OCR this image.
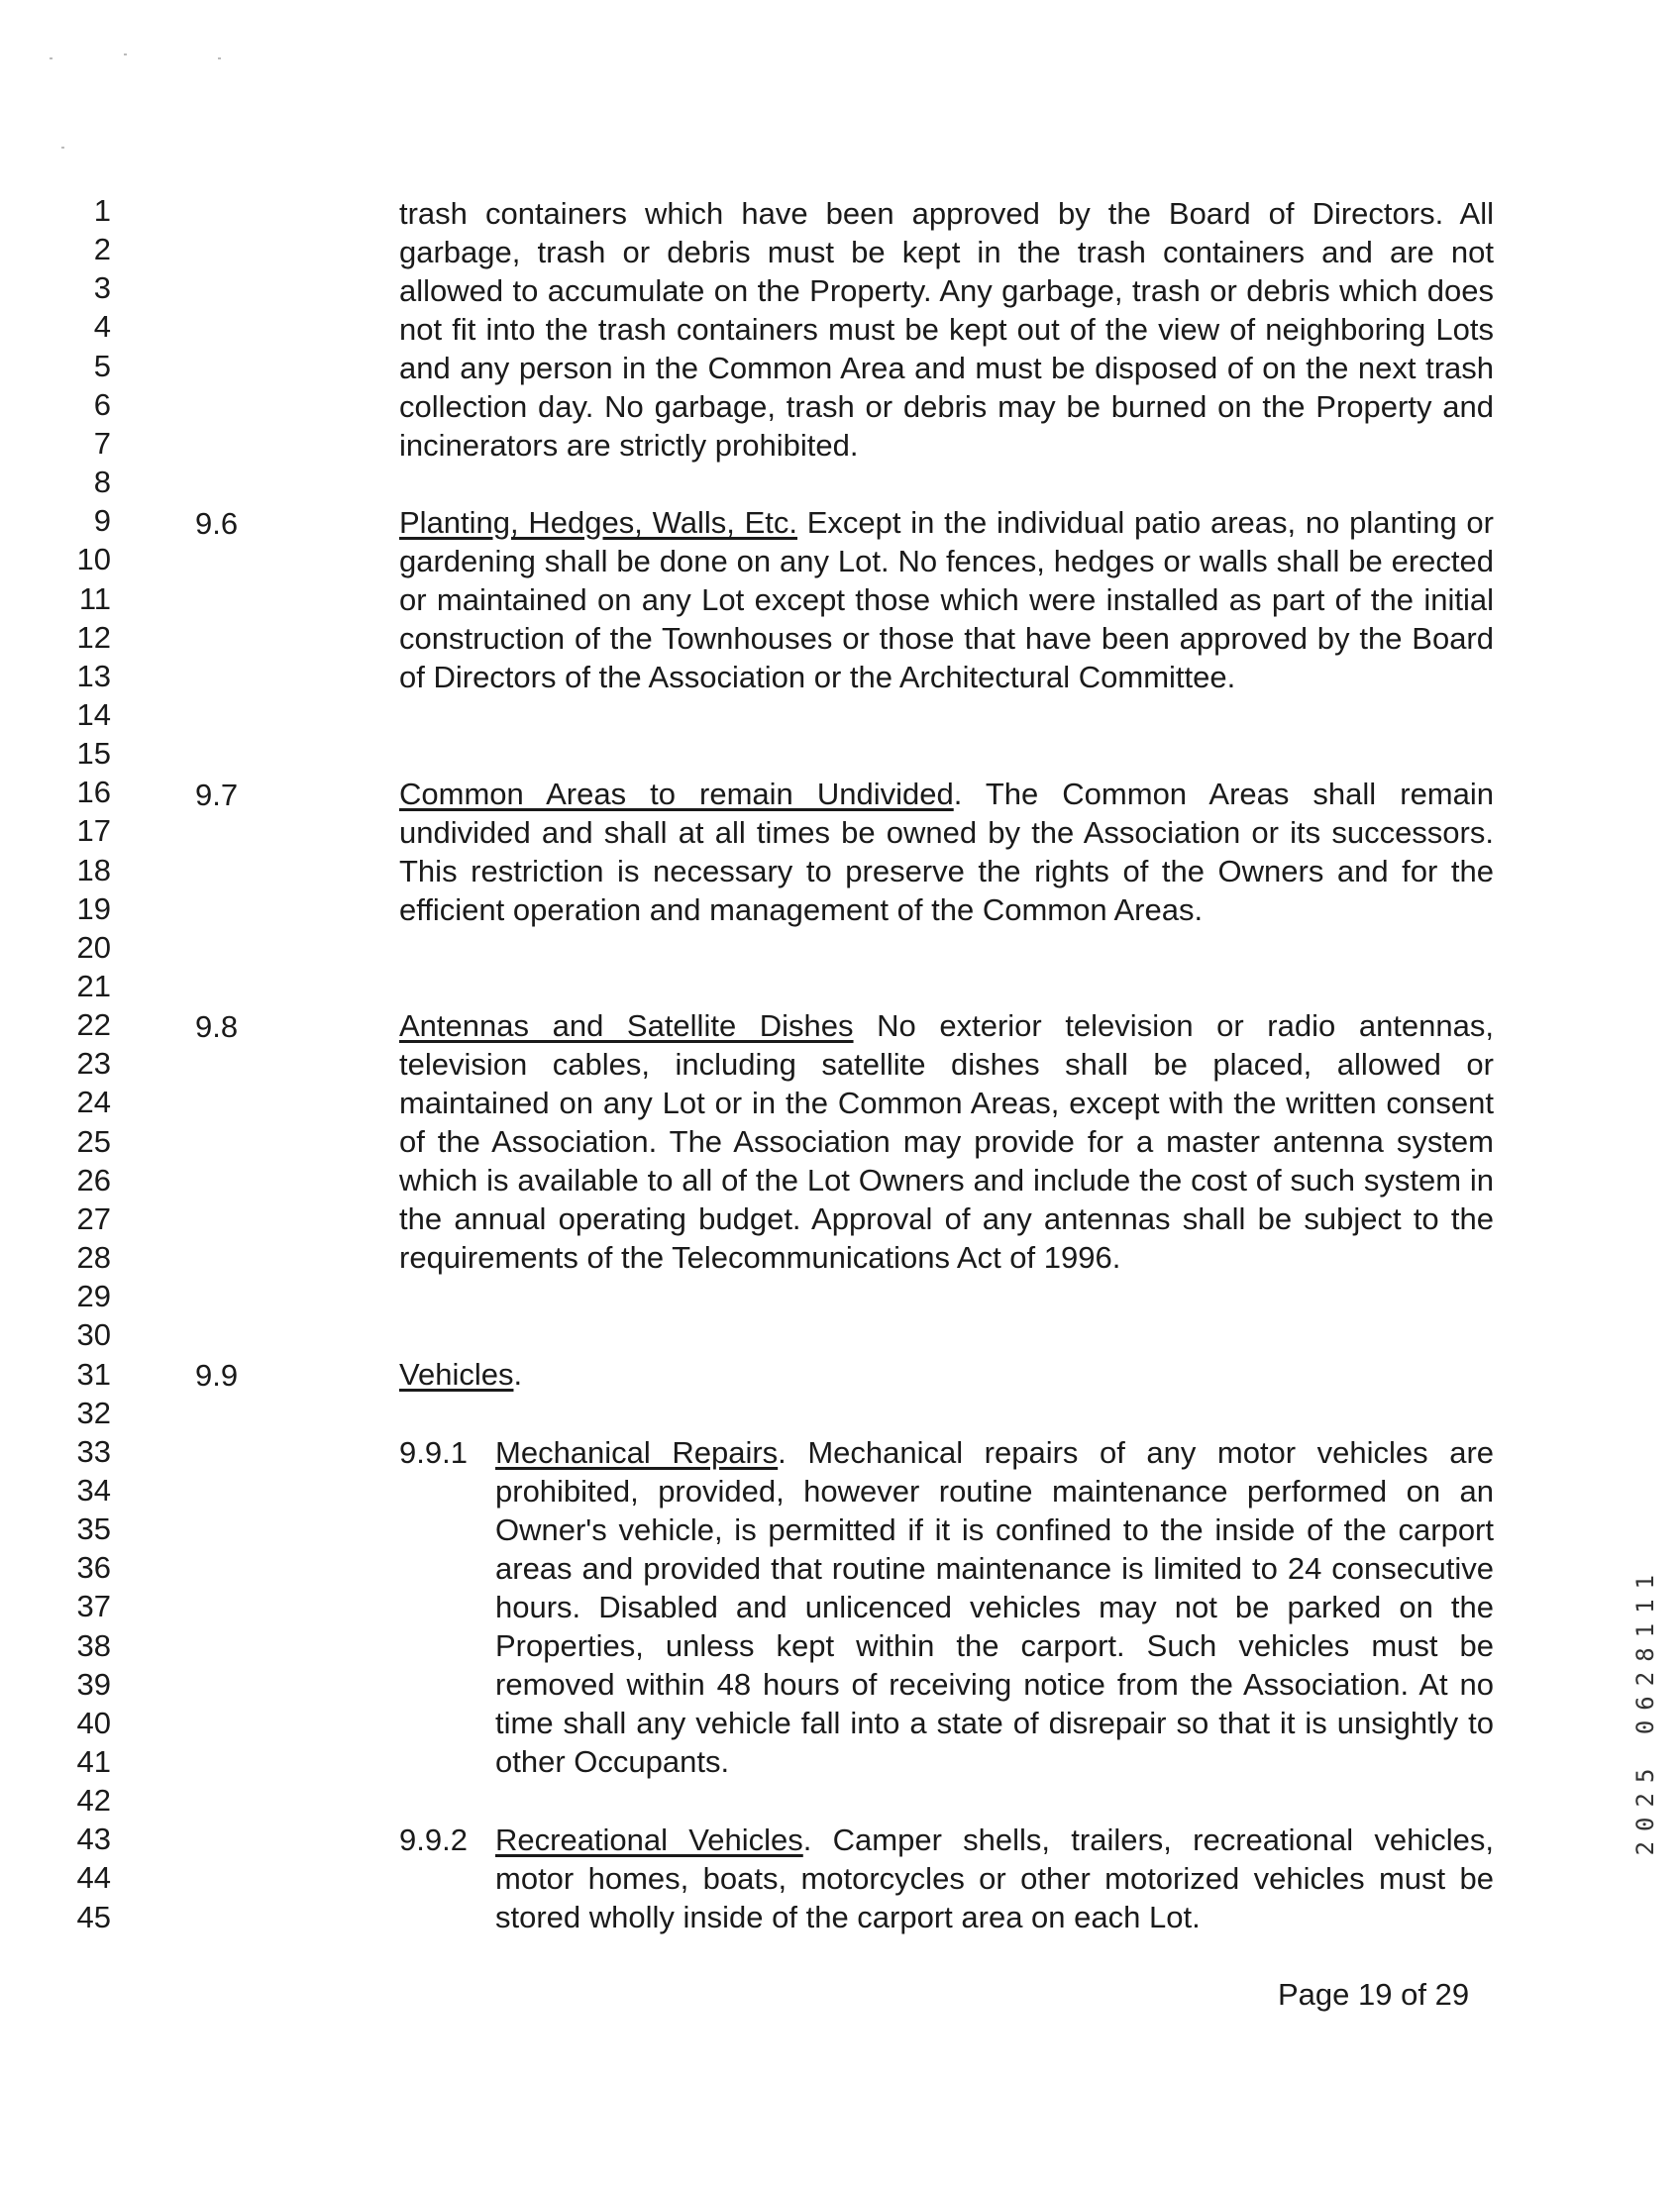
1
2
3
4
5
6
7
8
9
10
11
12
13
14
15
16
17
18
19
20
21
22
23
24
25
26
27
28
29
30
31
32
33
34
35
36
37
38
39
40
41
42
43
44
45
trash containers which have been approved by the Board of Directors. All garbage, trash or debris must be kept in the trash containers and are not allowed to accumulate on the Property. Any garbage, trash or debris which does not fit into the trash containers must be kept out of the view of neighboring Lots and any person in the Common Area and must be disposed of on the next trash collection day. No garbage, trash or debris may be burned on the Property and incinerators are strictly prohibited.
9.6	Planting, Hedges, Walls, Etc. Except in the individual patio areas, no planting or gardening shall be done on any Lot. No fences, hedges or walls shall be erected or maintained on any Lot except those which were installed as part of the initial construction of the Townhouses or those that have been approved by the Board of Directors of the Association or the Architectural Committee.
9.7	Common Areas to remain Undivided. The Common Areas shall remain undivided and shall at all times be owned by the Association or its successors. This restriction is necessary to preserve the rights of the Owners and for the efficient operation and management of the Common Areas.
9.8	Antennas and Satellite Dishes No exterior television or radio antennas, television cables, including satellite dishes shall be placed, allowed or maintained on any Lot or in the Common Areas, except with the written consent of the Association. The Association may provide for a master antenna system which is available to all of the Lot Owners and include the cost of such system in the annual operating budget. Approval of any antennas shall be subject to the requirements of the Telecommunications Act of 1996.
9.9	Vehicles.
9.9.1 Mechanical Repairs. Mechanical repairs of any motor vehicles are prohibited, provided, however routine maintenance performed on an Owner's vehicle, is permitted if it is confined to the inside of the carport areas and provided that routine maintenance is limited to 24 consecutive hours. Disabled and unlicenced vehicles may not be parked on the Properties, unless kept within the carport. Such vehicles must be removed within 48 hours of receiving notice from the Association. At no time shall any vehicle fall into a state of disrepair so that it is unsightly to other Occupants.
9.9.2 Recreational Vehicles. Camper shells, trailers, recreational vehicles, motor homes, boats, motorcycles or other motorized vehicles must be stored wholly inside of the carport area on each Lot.
Page 19 of 29
2025 0628111
